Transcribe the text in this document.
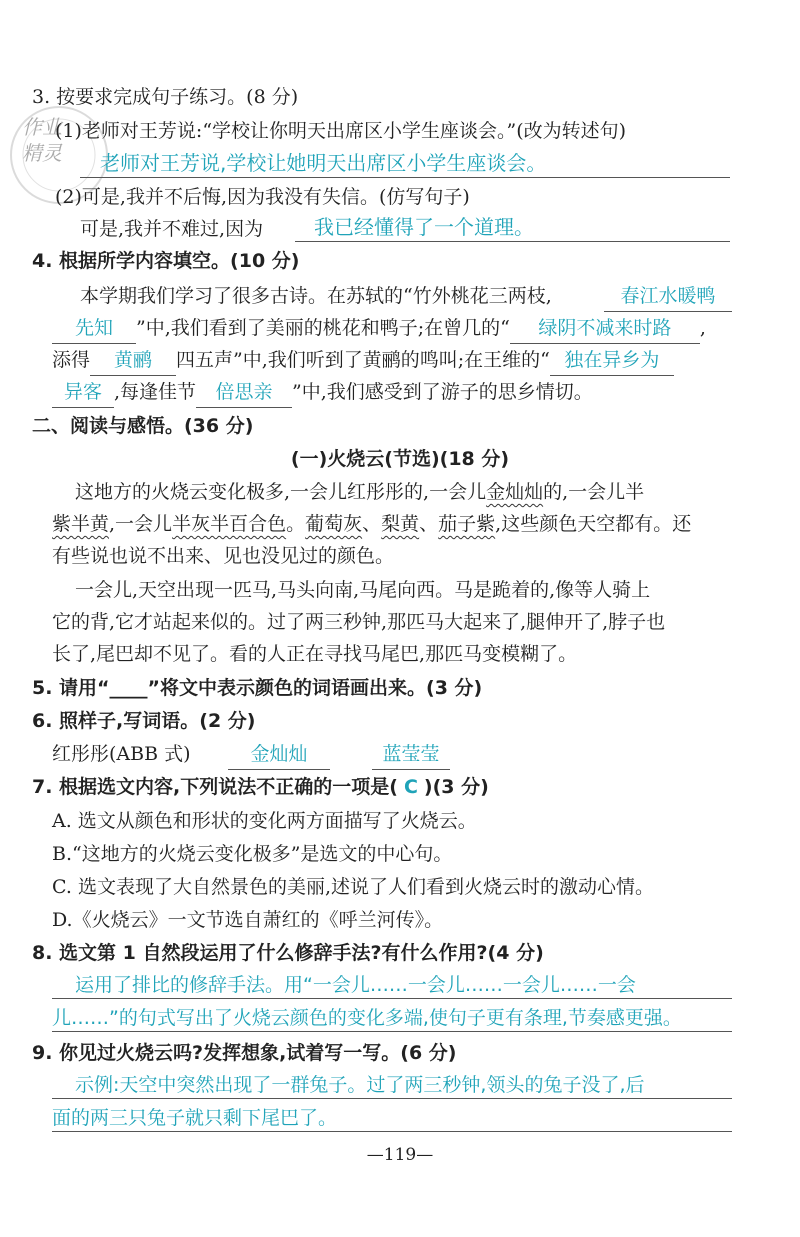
作业
精灵
3. 按要求完成句子练习。(8 分)
(1)老师对王芳说:“学校让你明天出席区小学生座谈会。”(改为转述句)
老师对王芳说,学校让她明天出席区小学生座谈会。
(2)可是,我并不后悔,因为我没有失信。(仿写句子)
可是,我并不难过,因为	我已经懂得了一个道理。
4. 根据所学内容填空。(10 分)
本学期我们学习了很多古诗。在苏轼的“竹外桃花三两枝,	春江水暖鸭
先知 ”中,我们看到了美丽的桃花和鸭子;在曾几的“ 绿阴不减来时路 ,
添得 黄鹂 四五声”中,我们听到了黄鹂的鸣叫;在王维的“ 独在异乡为
异客 ,每逢佳节 倍思亲 ”中,我们感受到了游子的思乡情切。
二、阅读与感悟。(36 分)
(一)火烧云(节选)(18 分)
这地方的火烧云变化极多,一会儿红彤彤的,一会儿金灿灿的,一会儿半
紫半黄,一会儿半灰半百合色。葡萄灰、梨黄、茄子紫,这些颜色天空都有。还
有些说也说不出来、见也没见过的颜色。
一会儿,天空出现一匹马,马头向南,马尾向西。马是跪着的,像等人骑上
它的背,它才站起来似的。过了两三秒钟,那匹马大起来了,腿伸开了,脖子也
长了,尾巴却不见了。看的人正在寻找马尾巴,那匹马变模糊了。
5. 请用“____”将文中表示颜色的词语画出来。(3 分)
6. 照样子,写词语。(2 分)
红彤彤(ABB 式)	金灿灿	蓝莹莹
7. 根据选文内容,下列说法不正确的一项是( C )(3 分)
A. 选文从颜色和形状的变化两方面描写了火烧云。
B.“这地方的火烧云变化极多”是选文的中心句。
C. 选文表现了大自然景色的美丽,述说了人们看到火烧云时的激动心情。
D.《火烧云》一文节选自萧红的《呼兰河传》。
8. 选文第 1 自然段运用了什么修辞手法?有什么作用?(4 分)
运用了排比的修辞手法。用“一会儿……一会儿……一会儿……一会
儿……”的句式写出了火烧云颜色的变化多端,使句子更有条理,节奏感更强。
9. 你见过火烧云吗?发挥想象,试着写一写。(6 分)
示例:天空中突然出现了一群兔子。过了两三秒钟,领头的兔子没了,后
面的两三只兔子就只剩下尾巴了。
—119—
